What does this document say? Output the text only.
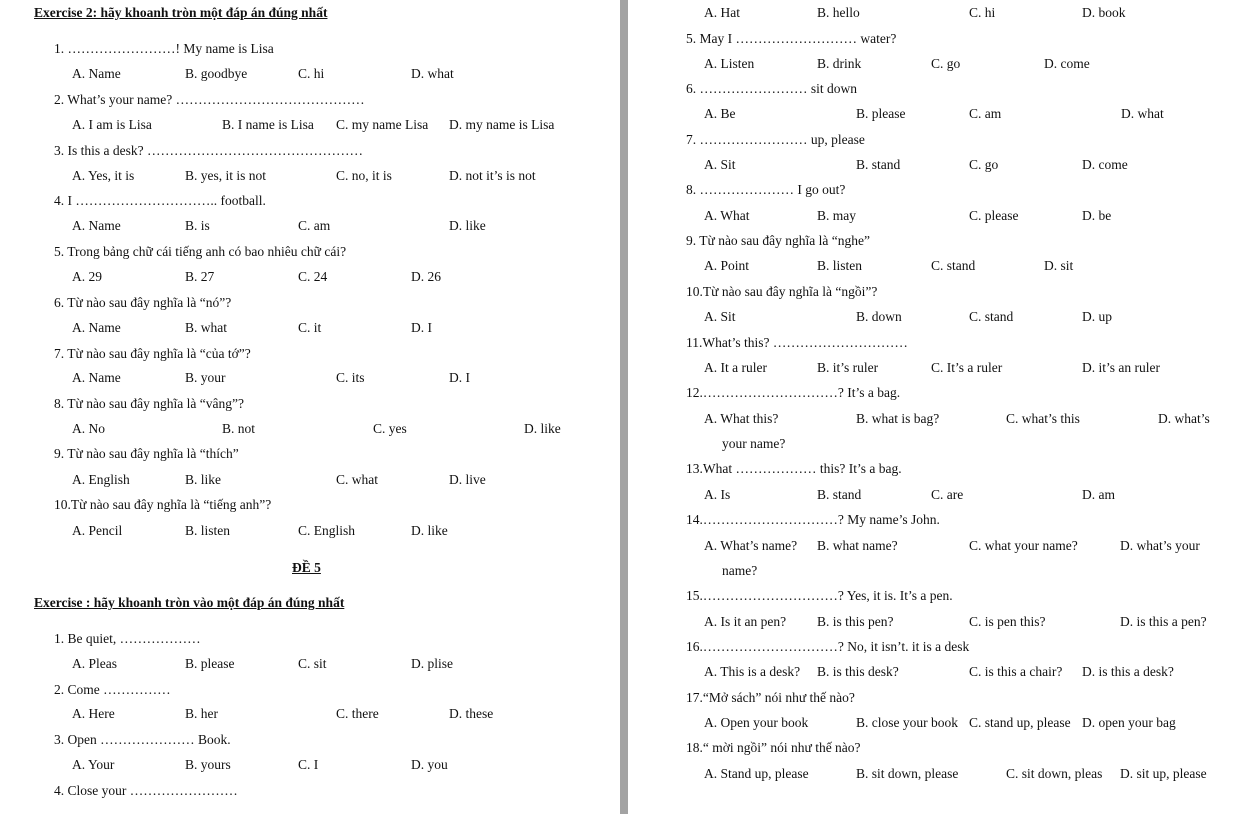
Exercise 2: hãy khoanh tròn một đáp án đúng nhất
1. ……………………! My name is Lisa
A. Name	B. goodbye	C. hi	D. what
2. What’s your name? ……………………………………
A. I am is Lisa	B. I name is Lisa C. my name Lisa D. my name is Lisa
3. Is this a desk? …………………………………………
A. Yes, it is	B. yes, it is not	C. no, it is	D. not it’s is not
4. I ………………………….. football.
A. Name	B. is	C. am	D. like
5. Trong bảng chữ cái tiếng anh có bao nhiêu chữ cái?
A. 29	B. 27	C. 24	D. 26
6. Từ nào sau đây nghĩa là “nó”?
A. Name	B. what	C. it	D. I
7. Từ nào sau đây nghĩa là “của tớ”?
A. Name	B. your	C. its	D. I
8. Từ nào sau đây nghĩa là “vâng”?
A. No	B. not	C. yes	D. like
9. Từ nào sau đây nghĩa là “thích”
A. English	B. like	C. what	D. live
10.Từ nào sau đây nghĩa là “tiếng anh”?
A. Pencil	B. listen	C. English	D. like
ĐỀ 5
Exercise : hãy khoanh tròn vào một đáp án đúng nhất
1. Be quiet, ………………
A. Pleas	B. please	C. sit	D. plise
2. Come ……………
A. Here	B. her	C. there	D. these
3. Open ………………… Book.
A. Your	B. yours	C. I	D. you
4. Close your ……………………
A. Hat	B. hello	C. hi	D. book
5. May I ……………………… water?
A. Listen	B. drink	C. go	D. come
6. …………………… sit down
A. Be	B. please	C. am	D. what
7. …………………… up, please
A. Sit	B. stand	C. go	D. come
8. ………………… I go out?
A. What	B. may	C. please	D. be
9. Từ nào sau đây nghĩa là “nghe”
A. Point	B. listen	C. stand	D. sit
10.Từ nào sau đây nghĩa là “ngồi”?
A. Sit	B. down	C. stand	D. up
11.What’s this? …………………………
A. It a ruler	B. it’s ruler	C. It’s a ruler	D. it’s an ruler
12.…………………………? It’s a bag.
A. What this?	B. what is bag?	C. what’s this	D. what’s
your name?
13.What ……………… this? It’s a bag.
A. Is	B. stand	C. are	D. am
14.…………………………? My name’s John.
A. What’s name? B. what name?	C. what your name?	D. what’s your
name?
15.…………………………? Yes, it is. It’s a pen.
A. Is it an pen? B. is this pen?	C. is pen this?	D. is this a pen?
16.…………………………? No, it isn’t. it is a desk
A. This is a desk? B. is this desk?	C. is this a chair? D. is this a desk?
17.“Mở sách” nói như thế nào?
A. Open your book	B. close your book C. stand up, please D. open your bag
18.“ mời ngồi” nói như thế nào?
A. Stand up, please	B. sit down, please	C. sit down, pleas D. sit up, please
